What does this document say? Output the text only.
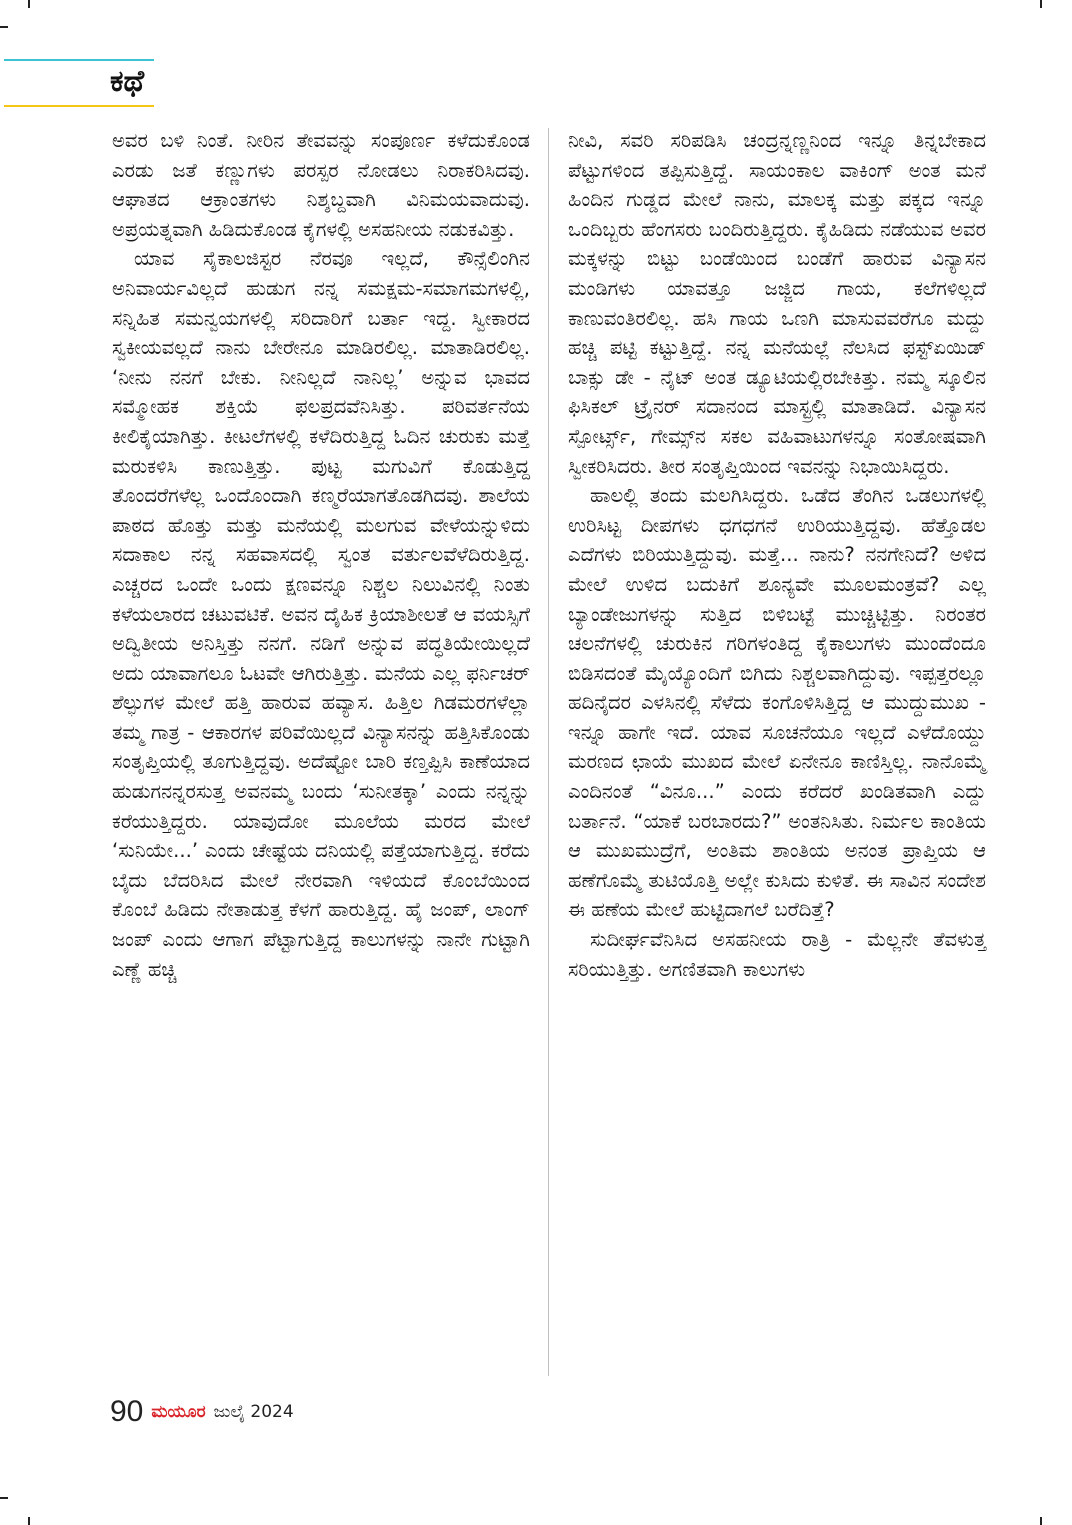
ಕಥೆ

ಅವರ ಬಳಿ ನಿಂತೆ. ನೀರಿನ ತೇವವನ್ನು ಸಂಪೂರ್ಣ ಕಳೆದುಕೊಂಡ ಎರಡು ಜತೆ ಕಣ್ಣುಗಳು ಪರಸ್ಪರ ನೋಡಲು ನಿರಾಕರಿಸಿದವು. ಆಘಾತದ ಆಕ್ರಾಂತಗಳು ನಿಶ್ಶಬ್ದವಾಗಿ ವಿನಿಮಯವಾದುವು. ಅಪ್ರಯತ್ನವಾಗಿ ಹಿಡಿದುಕೊಂಡ ಕೈಗಳಲ್ಲಿ ಅಸಹನೀಯ ನಡುಕವಿತ್ತು.

ಯಾವ ಸೈಕಾಲಜಿಸ್ಟರ ನೆರವೂ ಇಲ್ಲದೆ, ಕೌನ್ಸೆಲಿಂಗಿನ ಅನಿವಾರ್ಯವಿಲ್ಲದೆ ಹುಡುಗ ನನ್ನ ಸಮಕ್ಷಮ-ಸಮಾಗಮಗಳಲ್ಲಿ, ಸನ್ನಿಹಿತ ಸಮನ್ವಯಗಳಲ್ಲಿ ಸರಿದಾರಿಗೆ ಬರ್ತಾ ಇದ್ದ. ಸ್ವೀಕಾರದ ಸ್ವಕೀಯವಲ್ಲದೆ ನಾನು ಬೇರೇನೂ ಮಾಡಿರಲಿಲ್ಲ. ಮಾತಾಡಿರಲಿಲ್ಲ. ‘ನೀನು ನನಗೆ ಬೇಕು. ನೀನಿಲ್ಲದೆ ನಾನಿಲ್ಲ’ ಅನ್ನುವ ಭಾವದ ಸಮ್ಮೋಹಕ ಶಕ್ತಿಯೆ ಫಲಪ್ರದವೆನಿಸಿತ್ತು. ಪರಿವರ್ತನೆಯ ಕೀಲಿಕೈಯಾಗಿತ್ತು. ಕೀಟಲೆಗಳಲ್ಲಿ ಕಳೆದಿರುತ್ತಿದ್ದ ಓದಿನ ಚುರುಕು ಮತ್ತೆ ಮರುಕಳಿಸಿ ಕಾಣುತ್ತಿತ್ತು. ಪುಟ್ಟ ಮಗುವಿಗೆ ಕೊಡುತ್ತಿದ್ದ ತೊಂದರೆಗಳೆಲ್ಲ ಒಂದೊಂದಾಗಿ ಕಣ್ಮರೆಯಾಗತೊಡಗಿದವು. ಶಾಲೆಯ ಪಾಠದ ಹೊತ್ತು ಮತ್ತು ಮನೆಯಲ್ಲಿ ಮಲಗುವ ವೇಳೆಯನ್ನುಳಿದು ಸದಾಕಾಲ ನನ್ನ ಸಹವಾಸದಲ್ಲಿ ಸ್ವಂತ ವರ್ತುಲವೆಳೆದಿರುತ್ತಿದ್ದ. ಎಚ್ಚರದ ಒಂದೇ ಒಂದು ಕ್ಷಣವನ್ನೂ ನಿಶ್ಚಲ ನಿಲುವಿನಲ್ಲಿ ನಿಂತು ಕಳೆಯಲಾರದ ಚಟುವಟಿಕೆ. ಅವನ ದೈಹಿಕ ಕ್ರಿಯಾಶೀಲತೆ ಆ ವಯಸ್ಸಿಗೆ ಅದ್ವಿತೀಯ ಅನಿಸ್ತಿತ್ತು ನನಗೆ. ನಡಿಗೆ ಅನ್ನುವ ಪದ್ಧತಿಯೇಯಿಲ್ಲದೆ ಅದು ಯಾವಾಗಲೂ ಓಟವೇ ಆಗಿರುತ್ತಿತ್ತು. ಮನೆಯ ಎಲ್ಲ ಫರ್ನಿಚರ್ ಶೆಲ್ಫುಗಳ ಮೇಲೆ ಹತ್ತಿ ಹಾರುವ ಹವ್ಯಾಸ. ಹಿತ್ತಿಲ ಗಿಡಮರಗಳೆಲ್ಲಾ ತಮ್ಮ ಗಾತ್ರ - ಆಕಾರಗಳ ಪರಿವೆಯಿಲ್ಲದೆ ವಿನ್ಯಾಸನನ್ನು ಹತ್ತಿಸಿಕೊಂಡು ಸಂತೃಪ್ತಿಯಲ್ಲಿ ತೂಗುತ್ತಿದ್ದವು. ಅದೆಷ್ಟೋ ಬಾರಿ ಕಣ್ತಪ್ಪಿಸಿ ಕಾಣೆಯಾದ ಹುಡುಗನನ್ನರಸುತ್ತ ಅವನಮ್ಮ ಬಂದು ‘ಸುನೀತಕ್ಕಾ’ ಎಂದು ನನ್ನನ್ನು ಕರೆಯುತ್ತಿದ್ದರು. ಯಾವುದೋ ಮೂಲೆಯ ಮರದ ಮೇಲೆ ‘ಸುನಿಯೇ...’ ಎಂದು ಚೇಷ್ಟೆಯ ದನಿಯಲ್ಲಿ ಪತ್ತೆಯಾಗುತ್ತಿದ್ದ. ಕರೆದು ಬೈದು ಬೆದರಿಸಿದ ಮೇಲೆ ನೇರವಾಗಿ ಇಳಿಯದೆ ಕೊಂಬೆಯಿಂದ ಕೊಂಬೆ ಹಿಡಿದು ನೇತಾಡುತ್ತ ಕೆಳಗೆ ಹಾರುತ್ತಿದ್ದ. ಹೈ ಜಂಪ್, ಲಾಂಗ್ ಜಂಪ್ ಎಂದು ಆಗಾಗ ಪೆಟ್ಟಾಗುತ್ತಿದ್ದ ಕಾಲುಗಳನ್ನು ನಾನೇ ಗುಟ್ಟಾಗಿ ಎಣ್ಣೆ ಹಚ್ಚಿ

ನೀವಿ, ಸವರಿ ಸರಿಪಡಿಸಿ ಚಂದ್ರನ್ನಣ್ಣನಿಂದ ಇನ್ನೂ ತಿನ್ನಬೇಕಾದ ಪೆಟ್ಟುಗಳಿಂದ ತಪ್ಪಿಸುತ್ತಿದ್ದೆ. ಸಾಯಂಕಾಲ ವಾಕಿಂಗ್ ಅಂತ ಮನೆ ಹಿಂದಿನ ಗುಡ್ಡದ ಮೇಲೆ ನಾನು, ಮಾಲಕ್ಕ ಮತ್ತು ಪಕ್ಕದ ಇನ್ನೂ ಒಂದಿಬ್ಬರು ಹೆಂಗಸರು ಬಂದಿರುತ್ತಿದ್ದರು. ಕೈಹಿಡಿದು ನಡೆಯುವ ಅವರ ಮಕ್ಕಳನ್ನು ಬಿಟ್ಟು ಬಂಡೆಯಿಂದ ಬಂಡೆಗೆ ಹಾರುವ ವಿನ್ಯಾಸನ ಮಂಡಿಗಳು ಯಾವತ್ತೂ ಜಜ್ಜಿದ ಗಾಯ, ಕಲೆಗಳಿಲ್ಲದೆ ಕಾಣುವಂತಿರಲಿಲ್ಲ. ಹಸಿ ಗಾಯ ಒಣಗಿ ಮಾಸುವವರೆಗೂ ಮದ್ದು ಹಚ್ಚಿ ಪಟ್ಟಿ ಕಟ್ಟುತ್ತಿದ್ದೆ. ನನ್ನ ಮನೆಯಲ್ಲೆ ನೆಲಸಿದ ಫಸ್ಟ್‌ಏಯಿಡ್ ಬಾಕ್ಸು ಡೇ - ನೈಟ್ ಅಂತ ಡ್ಯೂಟಿಯಲ್ಲಿರಬೇಕಿತ್ತು. ನಮ್ಮ ಸ್ಕೂಲಿನ ಫಿಸಿಕಲ್ ಟ್ರೈನರ್ ಸದಾನಂದ ಮಾಸ್ಟ್ರಲ್ಲಿ ಮಾತಾಡಿದೆ. ವಿನ್ಯಾಸನ ಸ್ಪೋರ್ಟ್ಸ್, ಗೇಮ್ಸ್‌ನ ಸಕಲ ವಹಿವಾಟುಗಳನ್ನೂ ಸಂತೋಷವಾಗಿ ಸ್ವೀಕರಿಸಿದರು. ತೀರ ಸಂತೃಪ್ತಿಯಿಂದ ಇವನನ್ನು ನಿಭಾಯಿಸಿದ್ದರು.

ಹಾಲಲ್ಲಿ ತಂದು ಮಲಗಿಸಿದ್ದರು. ಒಡೆದ ತೆಂಗಿನ ಒಡಲುಗಳಲ್ಲಿ ಉರಿಸಿಟ್ಟ ದೀಪಗಳು ಧಗಧಗನೆ ಉರಿಯುತ್ತಿದ್ದವು. ಹೆತ್ತೊಡಲ ಎದೆಗಳು ಬಿರಿಯುತ್ತಿದ್ದುವು. ಮತ್ತೆ... ನಾನು? ನನಗೇನಿದೆ? ಅಳಿದ ಮೇಲೆ ಉಳಿದ ಬದುಕಿಗೆ ಶೂನ್ಯವೇ ಮೂಲಮಂತ್ರವೆ? ಎಲ್ಲ ಬ್ಯಾಂಡೇಜುಗಳನ್ನು ಸುತ್ತಿದ ಬಿಳಿಬಟ್ಟೆ ಮುಚ್ಚಿಟ್ಟಿತ್ತು. ನಿರಂತರ ಚಲನೆಗಳಲ್ಲಿ ಚುರುಕಿನ ಗರಿಗಳಂತಿದ್ದ ಕೈಕಾಲುಗಳು ಮುಂದೆಂದೂ ಬಿಡಿಸದಂತೆ ಮೈಯ್ಯೊಂದಿಗೆ ಬಿಗಿದು ನಿಶ್ಚಲವಾಗಿದ್ದುವು. ಇಪ್ಪತ್ತರಲ್ಲೂ ಹದಿನೈದರ ಎಳಸಿನಲ್ಲಿ ಸೆಳೆದು ಕಂಗೊಳಿಸಿತ್ತಿದ್ದ ಆ ಮುದ್ದುಮುಖ - ಇನ್ನೂ ಹಾಗೇ ಇದೆ. ಯಾವ ಸೂಚನೆಯೂ ಇಲ್ಲದೆ ಎಳೆದೊಯ್ದು ಮರಣದ ಛಾಯೆ ಮುಖದ ಮೇಲೆ ಏನೇನೂ ಕಾಣಿಸ್ತಿಲ್ಲ. ನಾನೊಮ್ಮೆ ಎಂದಿನಂತೆ “ವಿನೂ...” ಎಂದು ಕರೆದರೆ ಖಂಡಿತವಾಗಿ ಎದ್ದು ಬರ್ತಾನೆ. “ಯಾಕೆ ಬರಬಾರದು?” ಅಂತನಿಸಿತು. ನಿರ್ಮಲ ಕಾಂತಿಯ ಆ ಮುಖಮುದ್ರೆಗೆ, ಅಂತಿಮ ಶಾಂತಿಯ ಅನಂತ ಪ್ರಾಪ್ತಿಯ ಆ ಹಣೆಗೊಮ್ಮೆ ತುಟಿಯೊತ್ತಿ ಅಲ್ಲೇ ಕುಸಿದು ಕುಳಿತೆ. ಈ ಸಾವಿನ ಸಂದೇಶ ಈ ಹಣೆಯ ಮೇಲೆ ಹುಟ್ಟಿದಾಗಲೆ ಬರೆದಿತ್ತೆ?

ಸುದೀರ್ಘವೆನಿಸಿದ ಅಸಹನೀಯ ರಾತ್ರಿ - ಮೆಲ್ಲನೇ ತೆವಳುತ್ತ ಸರಿಯುತ್ತಿತ್ತು. ಅಗಣಿತವಾಗಿ ಕಾಲುಗಳು

90 ಮಯೂರ ಜುಲೈ 2024
